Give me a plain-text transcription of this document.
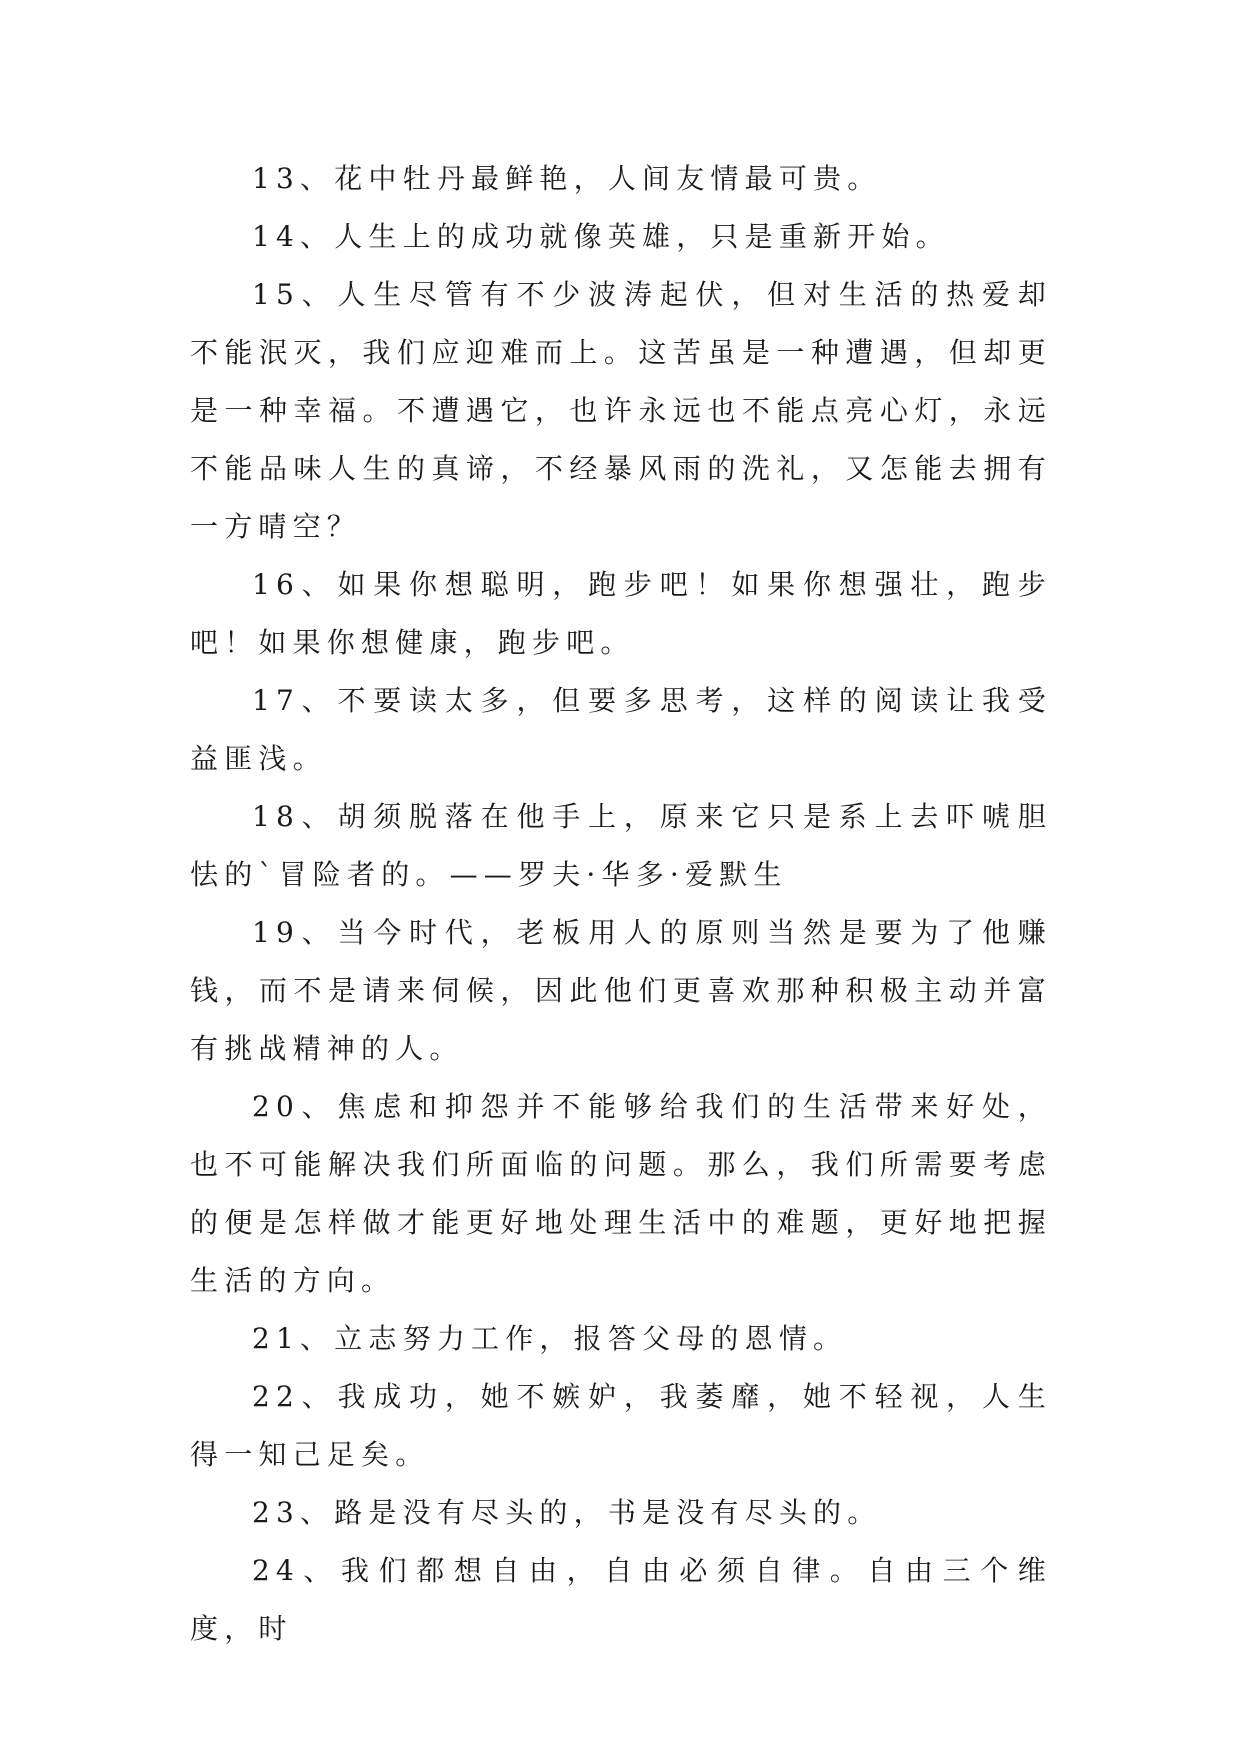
13、花中牡丹最鲜艳，人间友情最可贵。

14、人生上的成功就像英雄，只是重新开始。

15、人生尽管有不少波涛起伏，但对生活的热爱却不能泯灭，我们应迎难而上。这苦虽是一种遭遇，但却更是一种幸福。不遭遇它，也许永远也不能点亮心灯，永远不能品味人生的真谛，不经暴风雨的洗礼，又怎能去拥有一方晴空？

16、如果你想聪明，跑步吧！如果你想强壮，跑步吧！如果你想健康，跑步吧。

17、不要读太多，但要多思考，这样的阅读让我受益匪浅。

18、胡须脱落在他手上，原来它只是系上去吓唬胆怯的`冒险者的。——罗夫·华多·爱默生

19、当今时代，老板用人的原则当然是要为了他赚钱，而不是请来伺候，因此他们更喜欢那种积极主动并富有挑战精神的人。

20、焦虑和抑怨并不能够给我们的生活带来好处，也不可能解决我们所面临的问题。那么，我们所需要考虑的便是怎样做才能更好地处理生活中的难题，更好地把握生活的方向。

21、立志努力工作，报答父母的恩情。

22、我成功，她不嫉妒，我萎靡，她不轻视，人生得一知己足矣。

23、路是没有尽头的，书是没有尽头的。

24、我们都想自由，自由必须自律。自由三个维度，时
